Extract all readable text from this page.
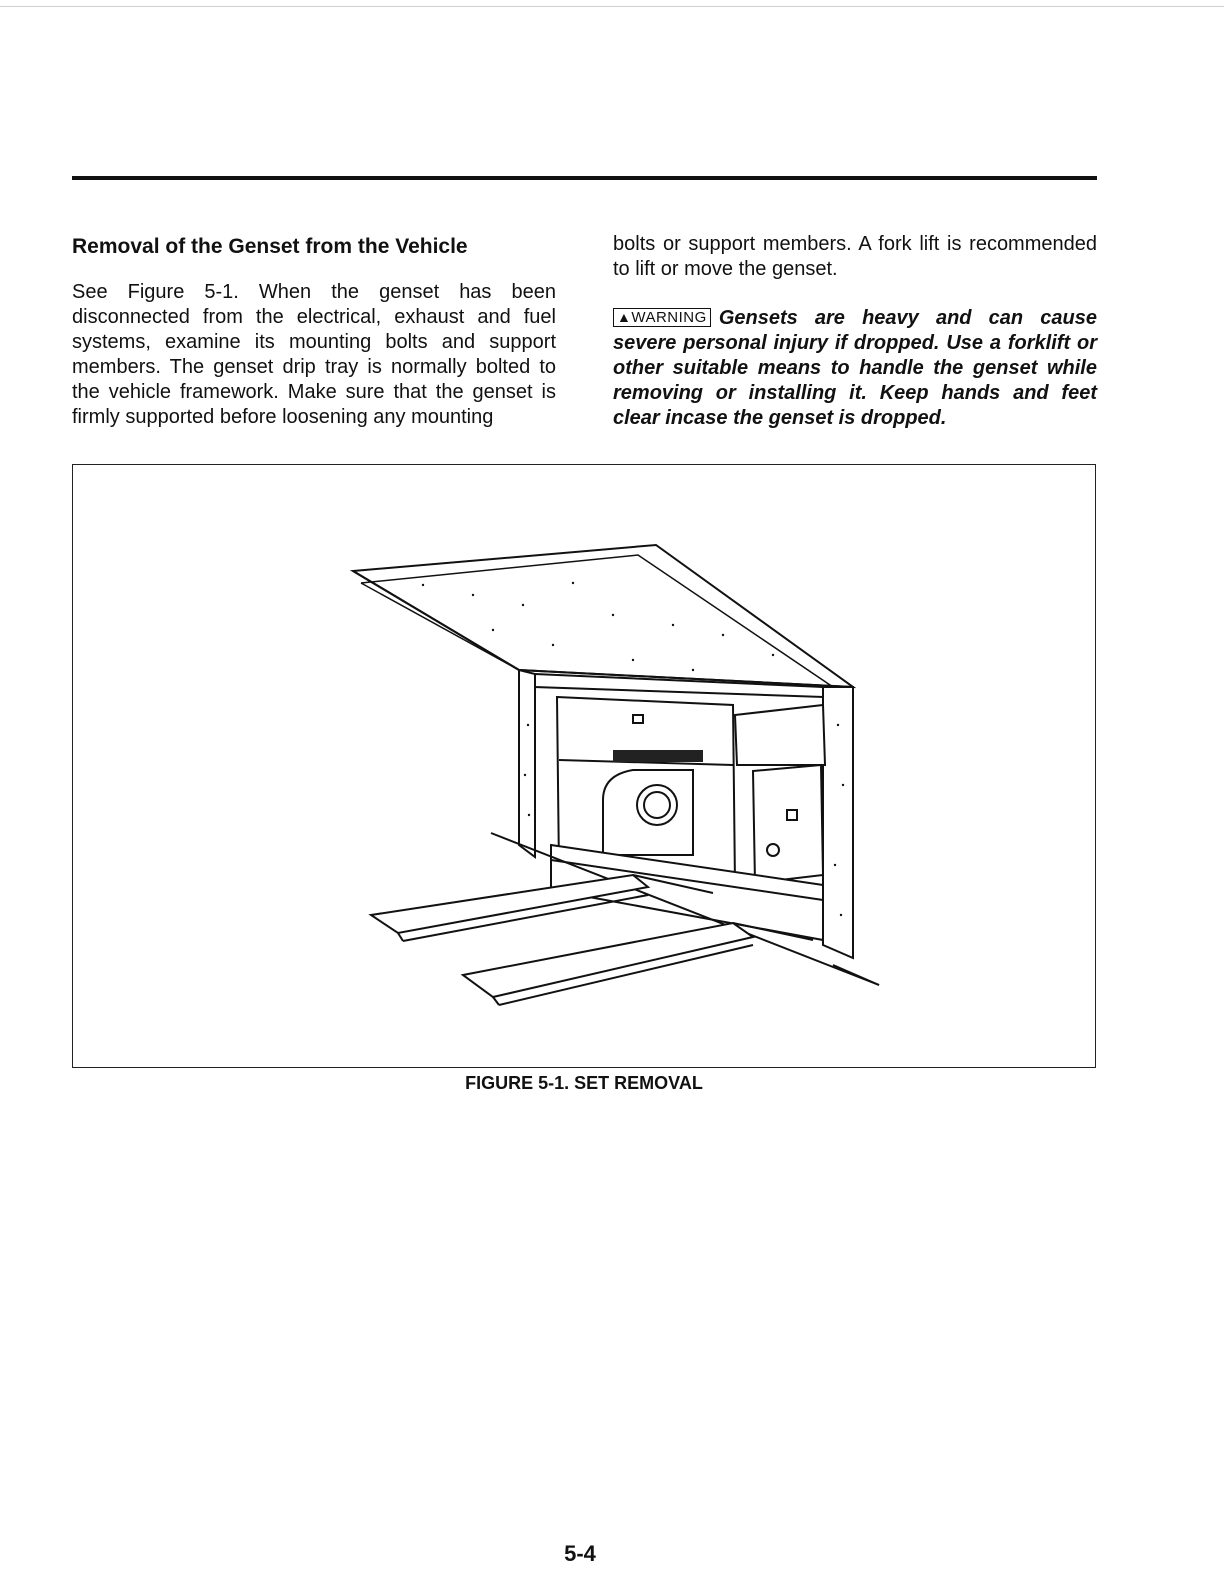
Removal of the Genset from the Vehicle

See Figure 5-1. When the genset has been disconnected from the electrical, exhaust and fuel systems, examine its mounting bolts and support members. The genset drip tray is normally bolted to the vehicle framework. Make sure that the genset is firmly supported before loosening any mounting

bolts or support members. A fork lift is recommended to lift or move the genset.

▲WARNING Gensets are heavy and can cause severe personal injury if dropped. Use a forklift or other suitable means to handle the genset while removing or installing it. Keep hands and feet clear incase the genset is dropped.
FIGURE 5-1. SET REMOVAL
5-4
